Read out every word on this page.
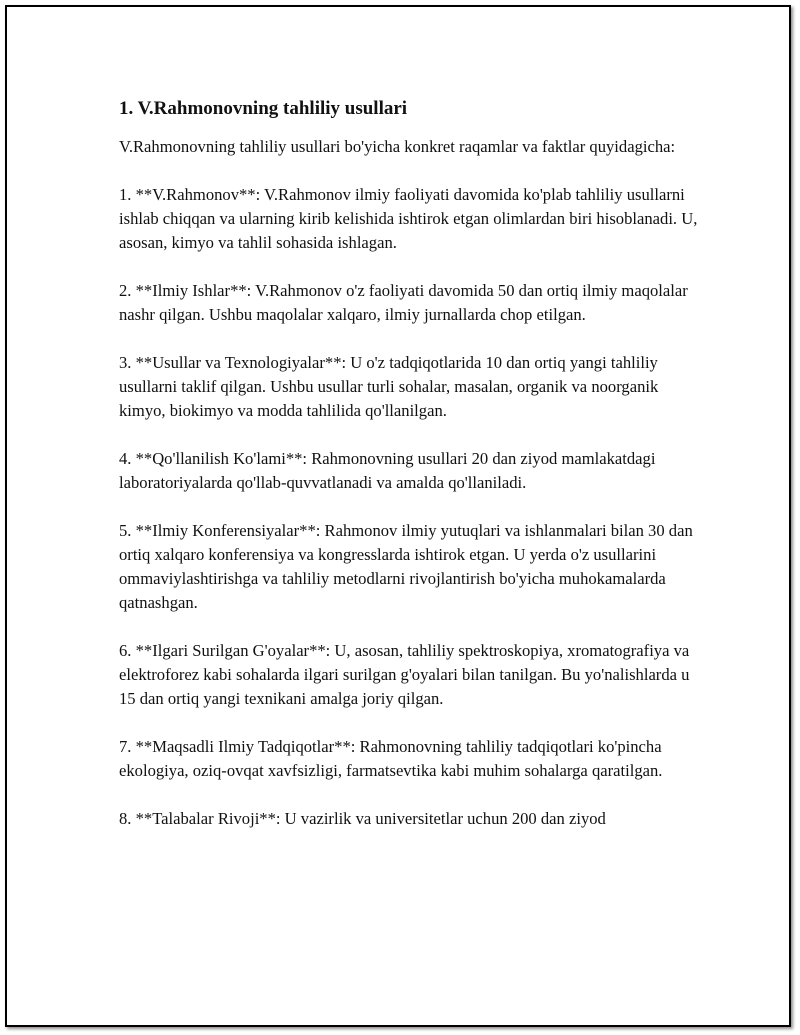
1. V.Rahmonovning tahliliy usullari

V.Rahmonovning tahliliy usullari bo'yicha konkret raqamlar va faktlar quyidagicha:

1. **V.Rahmonov**: V.Rahmonov ilmiy faoliyati davomida ko'plab tahliliy usullarni ishlab chiqqan va ularning kirib kelishida ishtirok etgan olimlardan biri hisoblanadi. U, asosan, kimyo va tahlil sohasida ishlagan.

2. **Ilmiy Ishlar**: V.Rahmonov o'z faoliyati davomida 50 dan ortiq ilmiy maqolalar nashr qilgan. Ushbu maqolalar xalqaro, ilmiy jurnallarda chop etilgan.

3. **Usullar va Texnologiyalar**: U o'z tadqiqotlarida 10 dan ortiq yangi tahliliy usullarni taklif qilgan. Ushbu usullar turli sohalar, masalan, organik va noorganik kimyo, biokimyo va modda tahlilida qo'llanilgan.

4. **Qo'llanilish Ko'lami**: Rahmonovning usullari 20 dan ziyod mamlakatdagi laboratoriyalarda qo'llab-quvvatlanadi va amalda qo'llaniladi.

5. **Ilmiy Konferensiyalar**: Rahmonov ilmiy yutuqlari va ishlanmalari bilan 30 dan ortiq xalqaro konferensiya va kongresslarda ishtirok etgan. U yerda o'z usullarini ommaviylashtirishga va tahliliy metodlarni rivojlantirish bo'yicha muhokamalarda qatnashgan.

6. **Ilgari Surilgan G'oyalar**: U, asosan, tahliliy spektroskopiya, xromatografiya va elektroforez kabi sohalarda ilgari surilgan g'oyalari bilan tanilgan. Bu yo'nalishlarda u 15 dan ortiq yangi texnikani amalga joriy qilgan.

7. **Maqsadli Ilmiy Tadqiqotlar**: Rahmonovning tahliliy tadqiqotlari ko'pincha ekologiya, oziq-ovqat xavfsizligi, farmatsevtika kabi muhim sohalarga qaratilgan.

8. **Talabalar Rivoji**: U vazirlik va universitetlar uchun 200 dan ziyod
